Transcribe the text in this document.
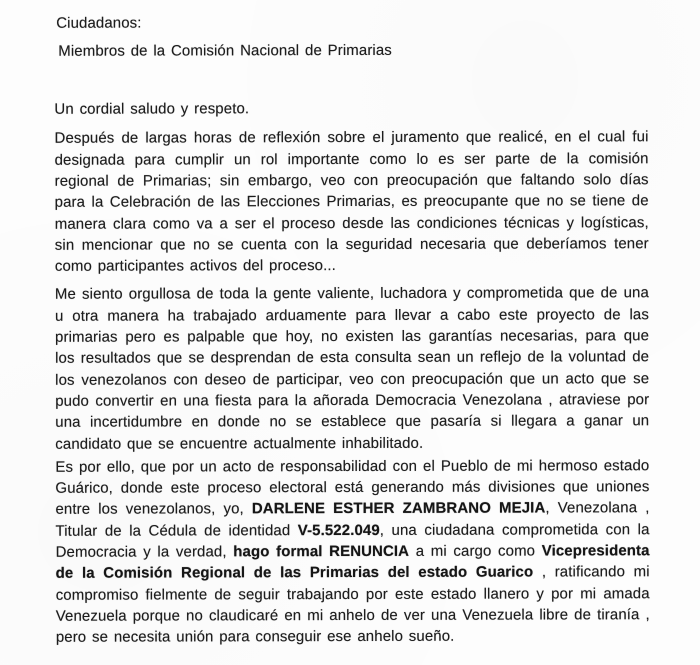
Ciudadanos:
Miembros de la Comisión Nacional de Primarias
Un cordial saludo y respeto.

Después de largas horas de reflexión sobre el juramento que realicé, en el cual fui designada para cumplir un rol importante como lo es ser parte de la comisión regional de Primarias; sin embargo, veo con preocupación que faltando solo días para la Celebración de las Elecciones Primarias, es preocupante que no se tiene de manera clara como va a ser el proceso desde las condiciones técnicas y logísticas, sin mencionar que no se cuenta con la seguridad necesaria que deberíamos tener como participantes activos del proceso...

Me siento orgullosa de toda la gente valiente, luchadora y comprometida que de una u otra manera ha trabajado arduamente para llevar a cabo este proyecto de las primarias pero es palpable que hoy, no existen las garantías necesarias, para que los resultados que se desprendan de esta consulta sean un reflejo de la voluntad de los venezolanos con deseo de participar, veo con preocupación que un acto que se pudo convertir en una fiesta para la añorada Democracia Venezolana , atraviese por una incertidumbre en donde no se establece que pasaría si llegara a ganar un candidato que se encuentre actualmente inhabilitado.

Es por ello, que por un acto de responsabilidad con el Pueblo de mi hermoso estado Guárico, donde este proceso electoral está generando más divisiones que uniones entre los venezolanos, yo, DARLENE ESTHER ZAMBRANO MEJIA, Venezolana , Titular de la Cédula de identidad V-5.522.049, una ciudadana comprometida con la Democracia y la verdad, hago formal RENUNCIA a mi cargo como Vicepresidenta de la Comisión Regional de las Primarias del estado Guarico , ratificando mi compromiso fielmente de seguir trabajando por este estado llanero y por mi amada Venezuela porque no claudicaré en mi anhelo de ver una Venezuela libre de tiranía , pero se necesita unión para conseguir ese anhelo sueño.
